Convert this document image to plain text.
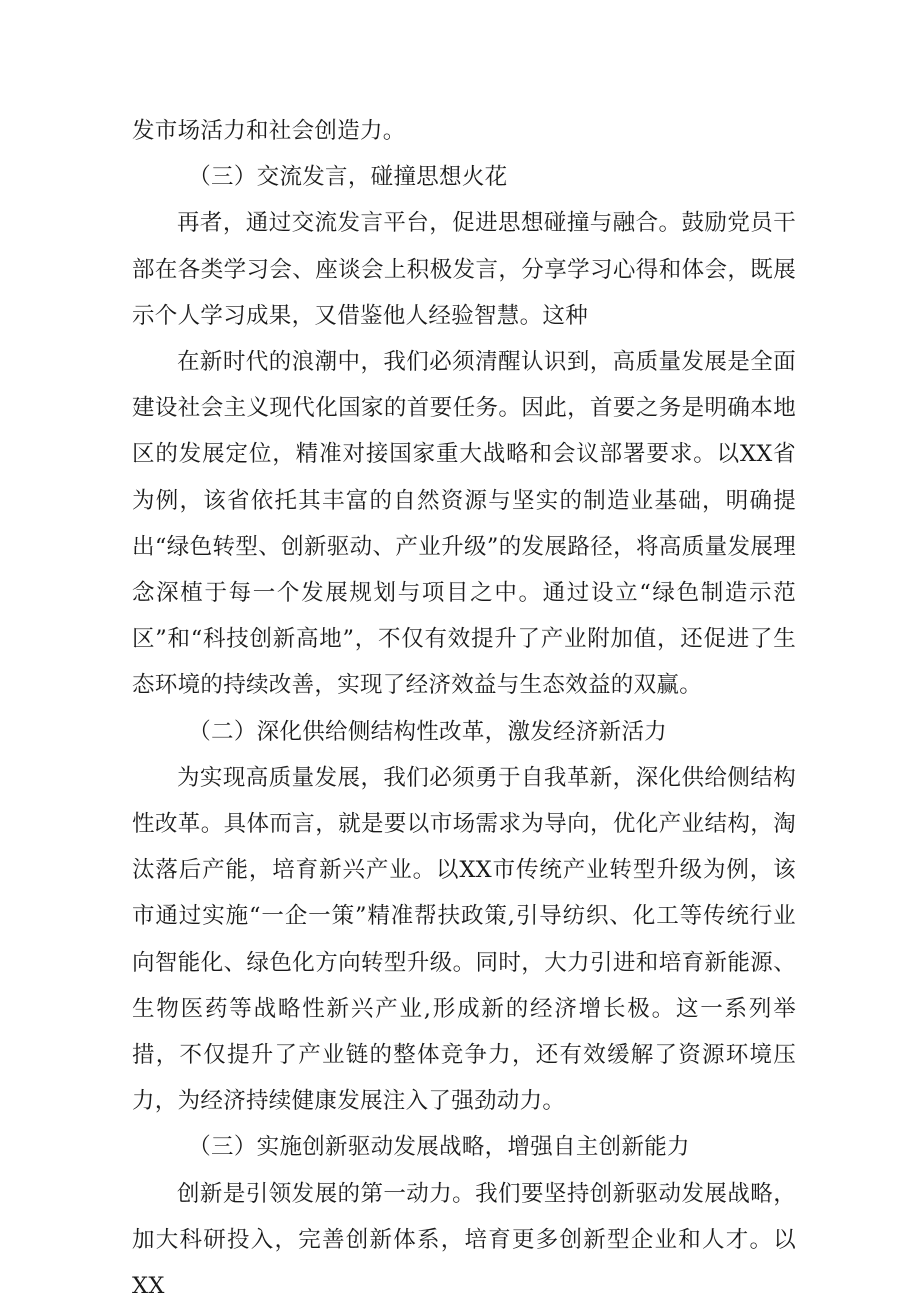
发市场活力和社会创造力。

（三）交流发言，碰撞思想火花

再者，通过交流发言平台，促进思想碰撞与融合。鼓励党员干部在各类学习会、座谈会上积极发言，分享学习心得和体会，既展示个人学习成果，又借鉴他人经验智慧。这种

在新时代的浪潮中，我们必须清醒认识到，高质量发展是全面建设社会主义现代化国家的首要任务。因此，首要之务是明确本地区的发展定位，精准对接国家重大战略和会议部署要求。以XX省为例，该省依托其丰富的自然资源与坚实的制造业基础，明确提出“绿色转型、创新驱动、产业升级”的发展路径，将高质量发展理念深植于每一个发展规划与项目之中。通过设立“绿色制造示范区”和“科技创新高地”，不仅有效提升了产业附加值，还促进了生态环境的持续改善，实现了经济效益与生态效益的双赢。

（二）深化供给侧结构性改革，激发经济新活力

为实现高质量发展，我们必须勇于自我革新，深化供给侧结构性改革。具体而言，就是要以市场需求为导向，优化产业结构，淘汰落后产能，培育新兴产业。以XX市传统产业转型升级为例，该市通过实施“一企一策”精准帮扶政策,引导纺织、化工等传统行业向智能化、绿色化方向转型升级。同时，大力引进和培育新能源、生物医药等战略性新兴产业,形成新的经济增长极。这一系列举措，不仅提升了产业链的整体竞争力，还有效缓解了资源环境压力，为经济持续健康发展注入了强劲动力。

（三）实施创新驱动发展战略，增强自主创新能力

创新是引领发展的第一动力。我们要坚持创新驱动发展战略，加大科研投入，完善创新体系，培育更多创新型企业和人才。以XX
